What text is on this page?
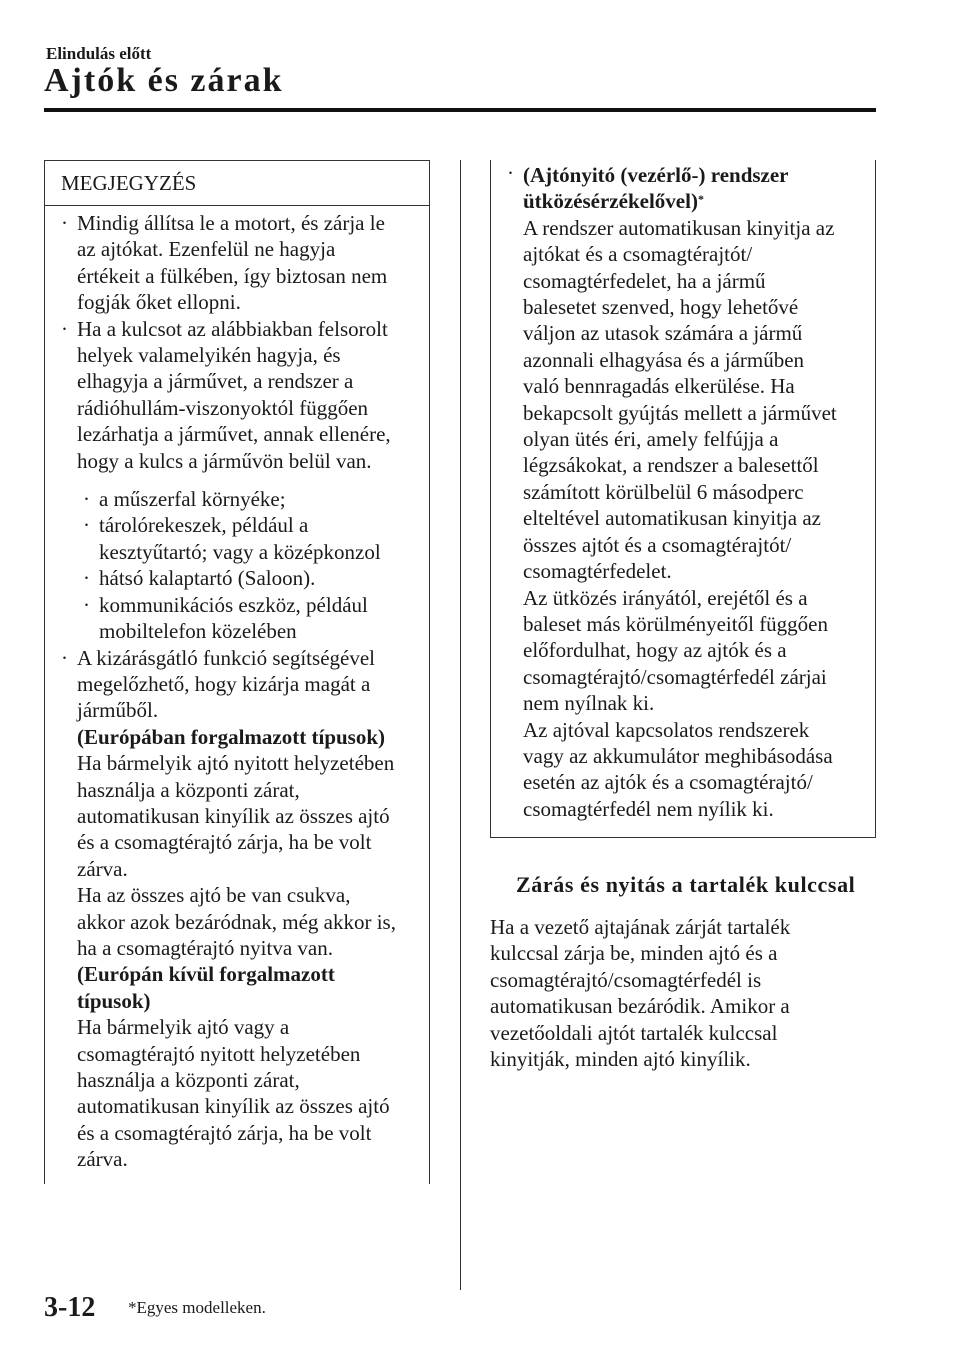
Elindulás előtt
Ajtók és zárak
MEGJEGYZÉS
· Mindig állítsa le a motort, és zárja le
az ajtókat. Ezenfelül ne hagyja
értékeit a fülkében, így biztosan nem
fogják őket ellopni.
· Ha a kulcsot az alábbiakban felsorolt
helyek valamelyikén hagyja, és
elhagyja a járművet, a rendszer a
rádióhullám-viszonyoktól függően
lezárhatja a járművet, annak ellenére,
hogy a kulcs a járművön belül van.
· a műszerfal környéke;
· tárolórekeszek, például a
kesztyűtartó; vagy a középkonzol
· hátsó kalaptartó (Saloon).
· kommunikációs eszköz, például
mobiltelefon közelében
· A kizárásgátló funkció segítségével
megelőzhető, hogy kizárja magát a
járműből.
(Európában forgalmazott típusok)
Ha bármelyik ajtó nyitott helyzetében
használja a központi zárat,
automatikusan kinyílik az összes ajtó
és a csomagtérajtó zárja, ha be volt
zárva.
Ha az összes ajtó be van csukva,
akkor azok bezáródnak, még akkor is,
ha a csomagtérajtó nyitva van.
(Európán kívül forgalmazott
típusok)
Ha bármelyik ajtó vagy a
csomagtérajtó nyitott helyzetében
használja a központi zárat,
automatikusan kinyílik az összes ajtó
és a csomagtérajtó zárja, ha be volt
zárva.
· (Ajtónyitó (vezérlő-) rendszer
ütközésérzékelővel)*
A rendszer automatikusan kinyitja az
ajtókat és a csomagtérajtót/
csomagtérfedelet, ha a jármű
balesetet szenved, hogy lehetővé
váljon az utasok számára a jármű
azonnali elhagyása és a járműben
való bennragadás elkerülése. Ha
bekapcsolt gyújtás mellett a járművet
olyan ütés éri, amely felfújja a
légzsákokat, a rendszer a balesettől
számított körülbelül 6 másodperc
elteltével automatikusan kinyitja az
összes ajtót és a csomagtérajtót/
csomagtérfedelet.
Az ütközés irányától, erejétől és a
baleset más körülményeitől függően
előfordulhat, hogy az ajtók és a
csomagtérajtó/csomagtérfedél zárjai
nem nyílnak ki.
Az ajtóval kapcsolatos rendszerek
vagy az akkumulátor meghibásodása
esetén az ajtók és a csomagtérajtó/
csomagtérfedél nem nyílik ki.
Zárás és nyitás a tartalék kulccsal
Ha a vezető ajtajának zárját tartalék
kulccsal zárja be, minden ajtó és a
csomagtérajtó/csomagtérfedél is
automatikusan bezáródik. Amikor a
vezetőoldali ajtót tartalék kulccsal
kinyitják, minden ajtó kinyílik.
3-12 *Egyes modelleken.
